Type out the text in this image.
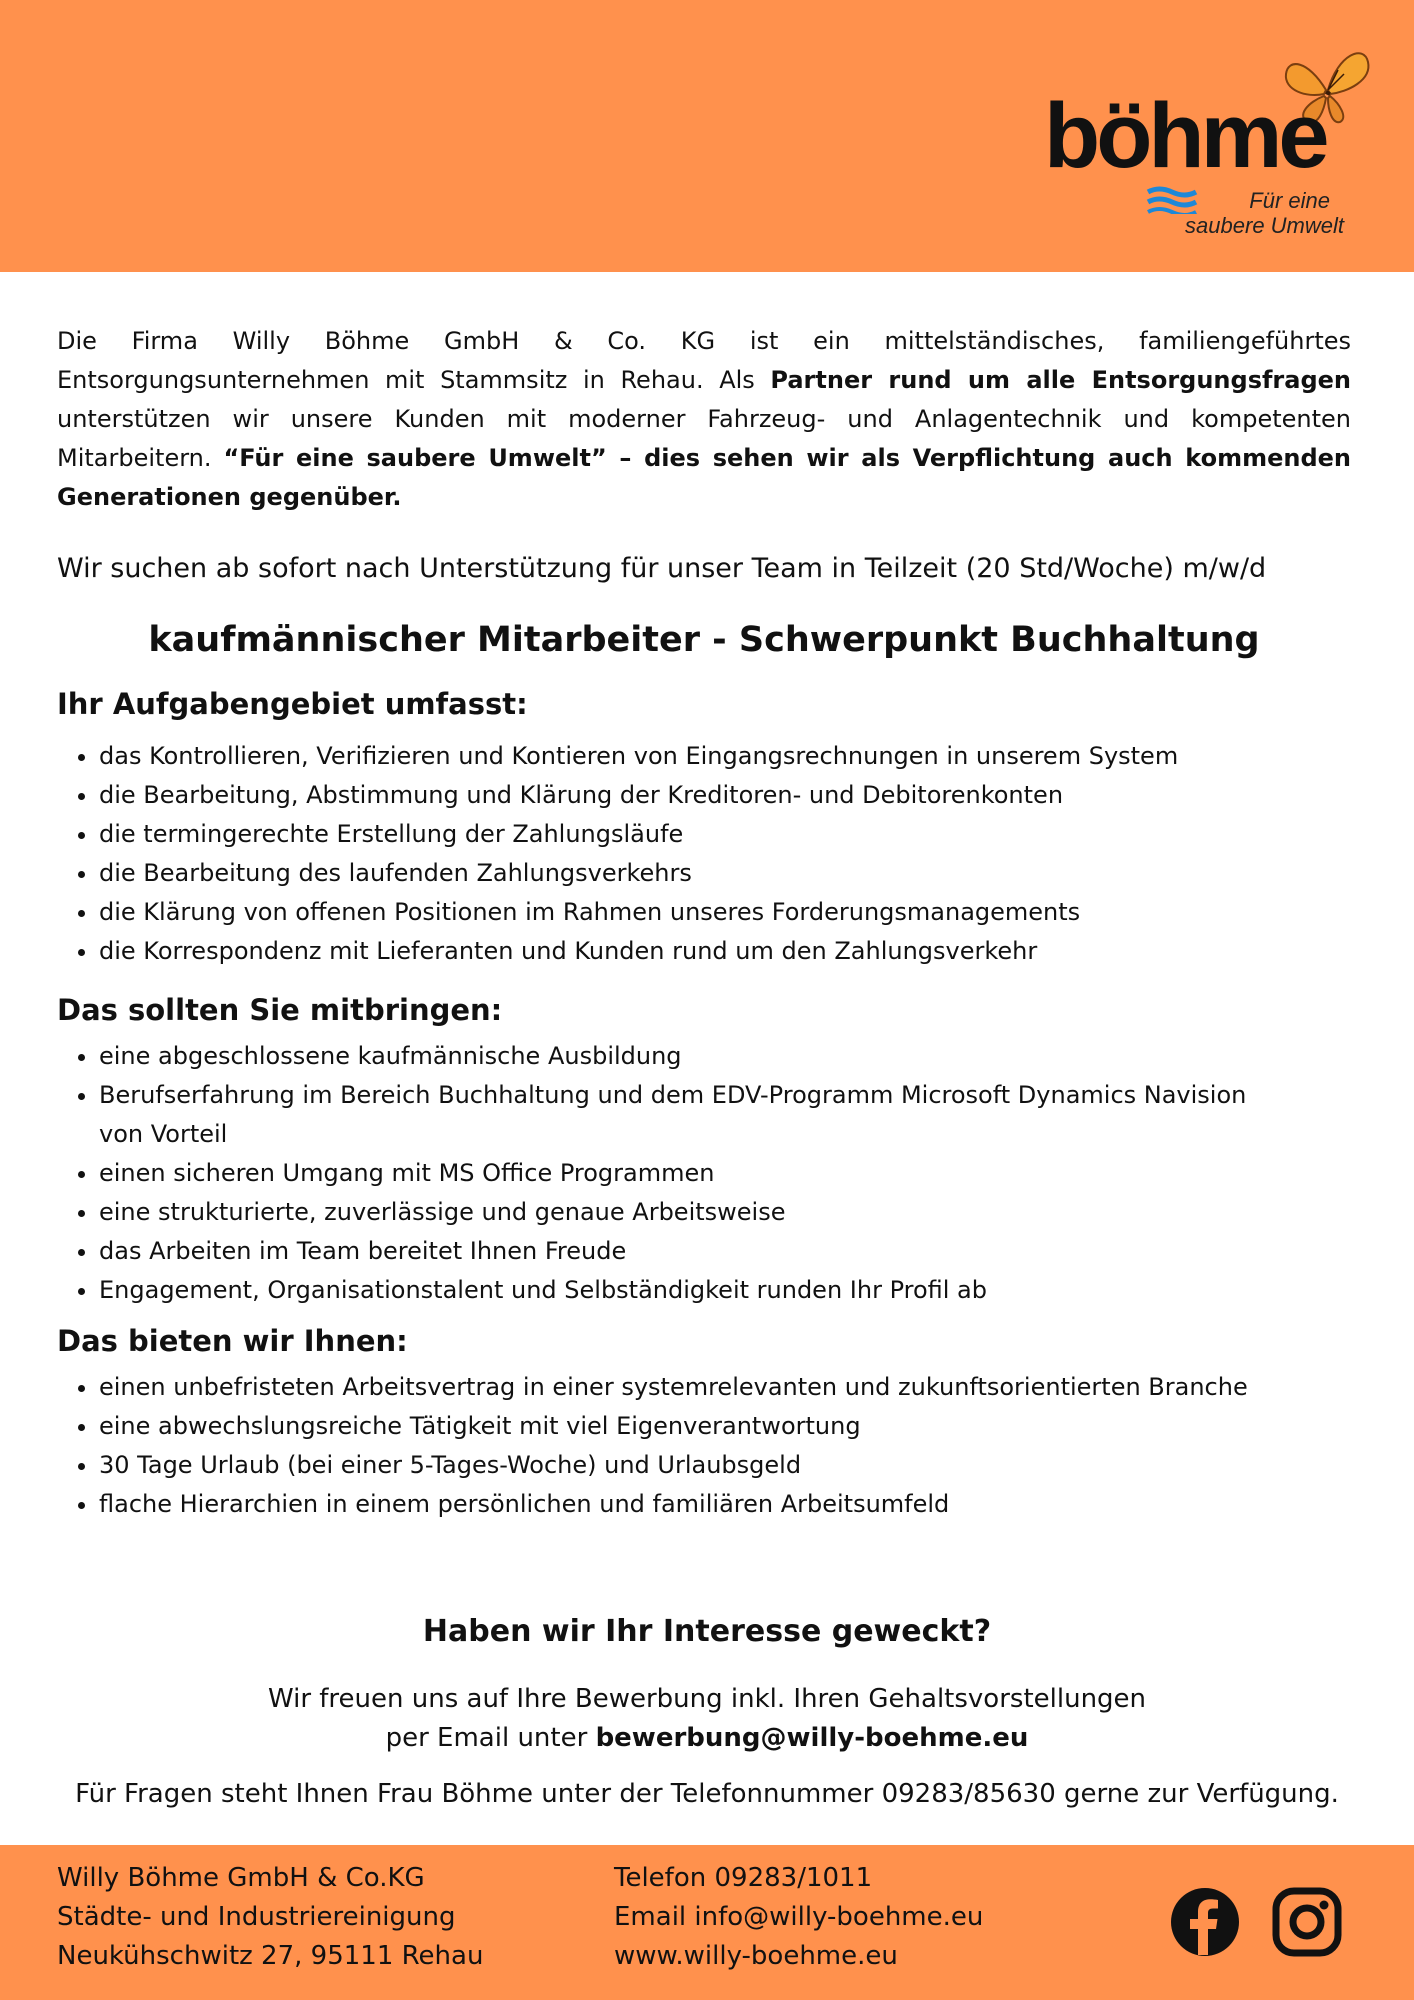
böhme
Für eine
saubere Umwelt

Die Firma Willy Böhme GmbH & Co. KG ist ein mittelständisches, familiengeführtes Entsorgungsunternehmen mit Stammsitz in Rehau. Als Partner rund um alle Entsorgungsfragen unterstützen wir unsere Kunden mit moderner Fahrzeug- und Anlagentechnik und kompetenten Mitarbeitern. “Für eine saubere Umwelt” – dies sehen wir als Verpflichtung auch kommenden Generationen gegenüber.

Wir suchen ab sofort nach Unterstützung für unser Team in Teilzeit (20 Std/Woche) m/w/d

kaufmännischer Mitarbeiter - Schwerpunkt Buchhaltung
Ihr Aufgabengebiet umfasst:
• das Kontrollieren, Verifizieren und Kontieren von Eingangsrechnungen in unserem System
• die Bearbeitung, Abstimmung und Klärung der Kreditoren- und Debitorenkonten
• die termingerechte Erstellung der Zahlungsläufe
• die Bearbeitung des laufenden Zahlungsverkehrs
• die Klärung von offenen Positionen im Rahmen unseres Forderungsmanagements
• die Korrespondenz mit Lieferanten und Kunden rund um den Zahlungsverkehr
Das sollten Sie mitbringen:
• eine abgeschlossene kaufmännische Ausbildung
• Berufserfahrung im Bereich Buchhaltung und dem EDV-Programm Microsoft Dynamics Navision von Vorteil
• einen sicheren Umgang mit MS Office Programmen
• eine strukturierte, zuverlässige und genaue Arbeitsweise
• das Arbeiten im Team bereitet Ihnen Freude
• Engagement, Organisationstalent und Selbständigkeit runden Ihr Profil ab
Das bieten wir Ihnen:
• einen unbefristeten Arbeitsvertrag in einer systemrelevanten und zukunftsorientierten Branche
• eine abwechslungsreiche Tätigkeit mit viel Eigenverantwortung
• 30 Tage Urlaub (bei einer 5-Tages-Woche) und Urlaubsgeld
• flache Hierarchien in einem persönlichen und familiären Arbeitsumfeld
Haben wir Ihr Interesse geweckt?

Wir freuen uns auf Ihre Bewerbung inkl. Ihren Gehaltsvorstellungen
per Email unter bewerbung@willy-boehme.eu

Für Fragen steht Ihnen Frau Böhme unter der Telefonnummer 09283/85630 gerne zur Verfügung.

Willy Böhme GmbH & Co.KG
Städte- und Industriereinigung
Neukühschwitz 27, 95111 Rehau
Telefon 09283/1011
Email info@willy-boehme.eu
www.willy-boehme.eu
